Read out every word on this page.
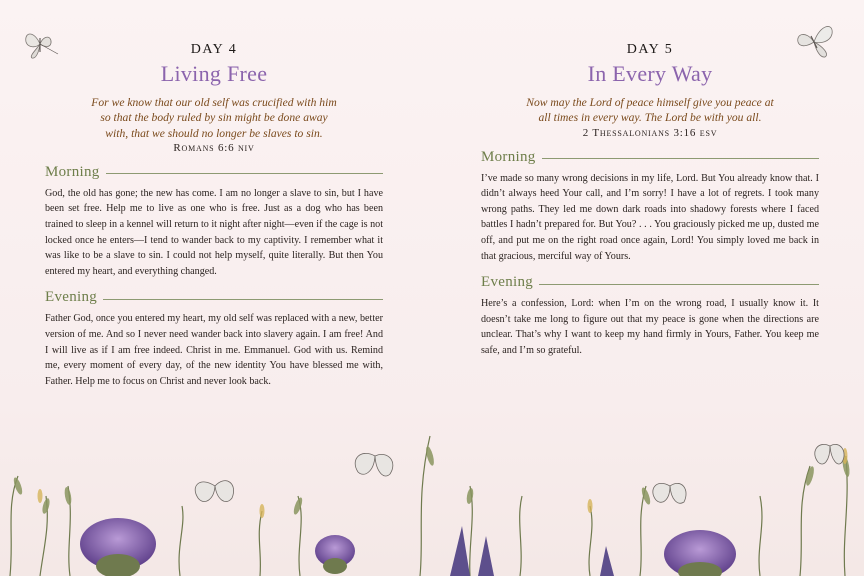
DAY 4
Living Free

For we know that our old self was crucified with him
so that the body ruled by sin might be done away
with, that we should no longer be slaves to sin.

Romans 6:6 niv
Morning

God, the old has gone; the new has come. I am no longer a slave to sin, but I have been set free. Help me to live as one who is free. Just as a dog who has been trained to sleep in a kennel will return to it night after night—even if the cage is not locked once he enters—I tend to wander back to my captivity. I remember what it was like to be a slave to sin. I could not help myself, quite literally. But then You entered my heart, and everything changed.

Evening

Father God, once you entered my heart, my old self was replaced with a new, better version of me. And so I never need wander back into slavery again. I am free! And I will live as if I am free indeed. Christ in me. Emmanuel. God with us. Remind me, every moment of every day, of the new identity You have blessed me with, Father. Help me to focus on Christ and never look back.

DAY 5
In Every Way

Now may the Lord of peace himself give you peace at
all times in every way. The Lord be with you all.

2 Thessalonians 3:16 esv
Morning

I’ve made so many wrong decisions in my life, Lord. But You already know that. I didn’t always heed Your call, and I’m sorry! I have a lot of regrets. I took many wrong paths. They led me down dark roads into shadowy forests where I faced battles I hadn’t prepared for. But You? . . . You graciously picked me up, dusted me off, and put me on the right road once again, Lord! You simply loved me back in that gracious, merciful way of Yours.

Evening

Here’s a confession, Lord: when I’m on the wrong road, I usually know it. It doesn’t take me long to figure out that my peace is gone when the directions are unclear. That’s why I want to keep my hand firmly in Yours, Father. You keep me safe, and I’m so grateful.
